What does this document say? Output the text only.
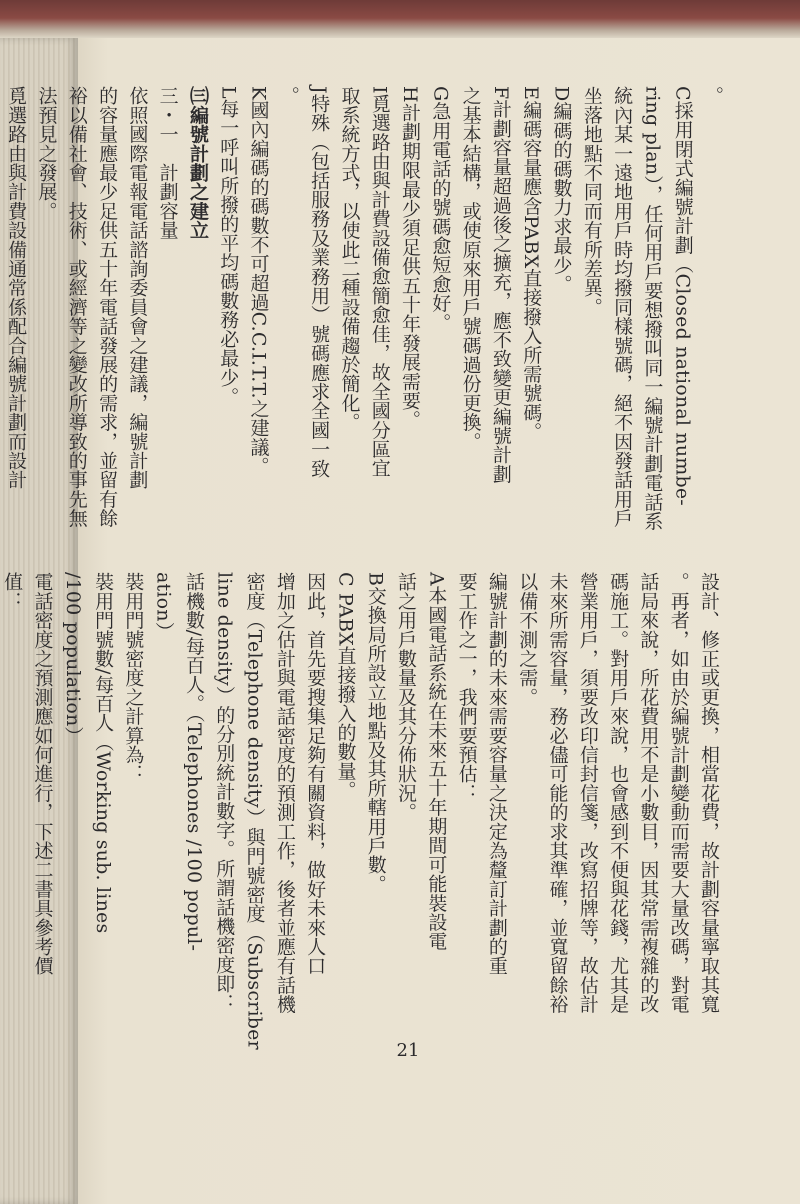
。
C採用閉式編號計劃（Closed national numbe-
ring plan），任何用戶要想撥叫同一編號計劃電話系
統內某一遠地用戶時均撥同樣號碼，絕不因發話用戶
坐落地點不同而有所差異。
D編碼的碼數力求最少。
E編碼容量應含PABX直接撥入所需號碼。
F計劃容量超過後之擴充，應不致變更編號計劃
之基本結構，或使原來用戶號碼過份更換。
G急用電話的號碼愈短愈好。
H計劃期限最少須足供五十年發展需要。
I覓選路由與計費設備愈簡愈佳，故全國分區宜
取系統方式，以使此二種設備趨於簡化。
J特殊（包括服務及業務用）號碼應求全國一致
。
K國內編碼的碼數不可超過C.C.I.T.T.之建議。
L每一呼叫所撥的平均碼數務必最少。
㈢編號計劃之建立
三・一　計劃容量
依照國際電報電話諮詢委員會之建議，編號計劃
的容量應最少足供五十年電話發展的需求，並留有餘
裕以備社會、技術、或經濟等之變改所導致的事先無
法預見之發展。
覓選路由與計費設備通常係配合編號計劃而設計
設計、修正或更換，相當花費，故計劃容量寧取其寬
。再者，如由於編號計劃變動而需要大量改碼，對電
話局來說，所花費用不是小數目，因其常需複雜的改
碼施工。對用戶來說，也會感到不便與花錢，尤其是
營業用戶，須要改印信封信箋，改寫招牌等，故估計
未來所需容量，務必儘可能的求其準確，並寬留餘裕
以備不測之需。
編號計劃的未來需要容量之決定為釐訂計劃的重
要工作之一，我們要預估：
A本國電話系統在未來五十年期間可能裝設電
話之用戶數量及其分佈狀況。
B交換局所設立地點及其所轄用戶數。
C PABX直接撥入的數量。
因此，首先要搜集足夠有關資料，做好未來人口
增加之估計與電話密度的預測工作，後者並應有話機
密度（Telephone density）與門號密度（Subscriber
line density）的分別統計數字。所謂話機密度即：
話機數/每百人。（Telephones /100 popul-
ation）
裝用門號密度之計算為：
裝用門號數/每百人（Working sub. lines
/100 population）
電話密度之預測應如何進行，下述二書具參考價
值：
21
